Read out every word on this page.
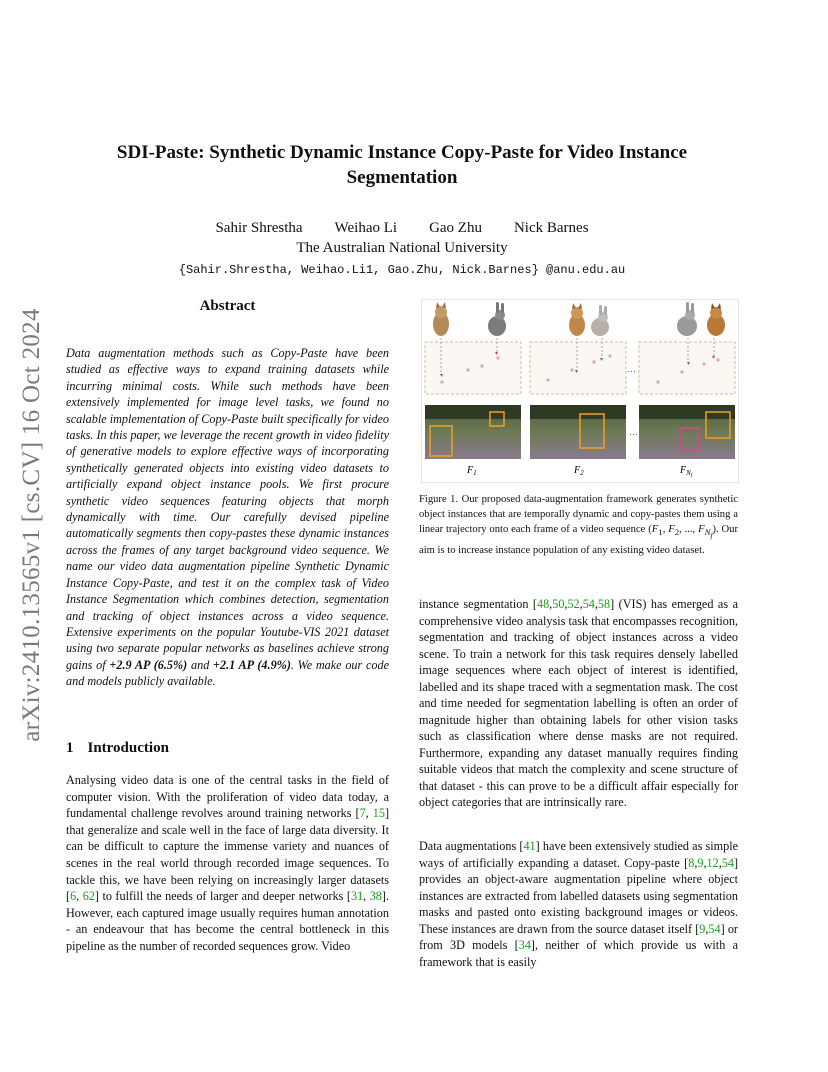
arXiv:2410.13565v1 [cs.CV] 16 Oct 2024
SDI-Paste: Synthetic Dynamic Instance Copy-Paste for Video Instance
Segmentation
Sahir Shrestha Weihao Li Gao Zhu Nick Barnes
The Australian National University
{Sahir.Shrestha, Weihao.Li1, Gao.Zhu, Nick.Barnes} @anu.edu.au
Abstract

Data augmentation methods such as Copy-Paste have been studied as effective ways to expand training datasets while incurring minimal costs. While such methods have been extensively implemented for image level tasks, we found no scalable implementation of Copy-Paste built specifically for video tasks. In this paper, we leverage the recent growth in video fidelity of generative models to explore effective ways of incorporating synthetically generated objects into existing video datasets to artificially expand object instance pools. We first procure synthetic video sequences featuring objects that morph dynamically with time. Our carefully devised pipeline automatically segments then copy-pastes these dynamic instances across the frames of any target background video sequence. We name our video data augmentation pipeline Synthetic Dynamic Instance Copy-Paste, and test it on the complex task of Video Instance Segmentation which combines detection, segmentation and tracking of object instances across a video sequence. Extensive experiments on the popular Youtube-VIS 2021 dataset using two separate popular networks as baselines achieve strong gains of +2.9 AP (6.5%) and +2.1 AP (4.9%). We make our code and models publicly available.

1 Introduction

Analysing video data is one of the central tasks in the field of computer vision. With the proliferation of video data today, a fundamental challenge revolves around training networks [7, 15] that generalize and scale well in the face of large data diversity. It can be difficult to capture the immense variety and nuances of scenes in the real world through recorded image sequences. To tackle this, we have been relying on increasingly larger datasets [6, 62] to fulfill the needs of larger and deeper networks [31, 38]. However, each captured image usually requires human annotation - an endeavour that has become the central bottleneck in this pipeline as the number of recorded sequences grow. Video

…
…
$F_1$	$F_2$	$F_Nf$

Figure 1. Our proposed data-augmentation framework generates synthetic object instances that are temporally dynamic and copy-pastes them using a linear trajectory onto each frame of a video sequence ($F_1$, $F_2$, ..., $F_{N_f}$). Our aim is to increase instance population of any existing video dataset.

instance segmentation [48,50,52,54,58] (VIS) has emerged as a comprehensive video analysis task that encompasses recognition, segmentation and tracking of object instances across a video scene. To train a network for this task requires densely labelled image sequences where each object of interest is identified, labelled and its shape traced with a segmentation mask. The cost and time needed for segmentation labelling is often an order of magnitude higher than obtaining labels for other vision tasks such as classification where dense masks are not required. Furthermore, expanding any dataset manually requires finding suitable videos that match the complexity and scene structure of that dataset - this can prove to be a difficult affair especially for object categories that are intrinsically rare.

Data augmentations [41] have been extensively studied as simple ways of artificially expanding a dataset. Copy-paste [8,9,12,54] provides an object-aware augmentation pipeline where object instances are extracted from labelled datasets using segmentation masks and pasted onto existing background images or videos. These instances are drawn from the source dataset itself [9,54] or from 3D models [34], neither of which provide us with a framework that is easily
